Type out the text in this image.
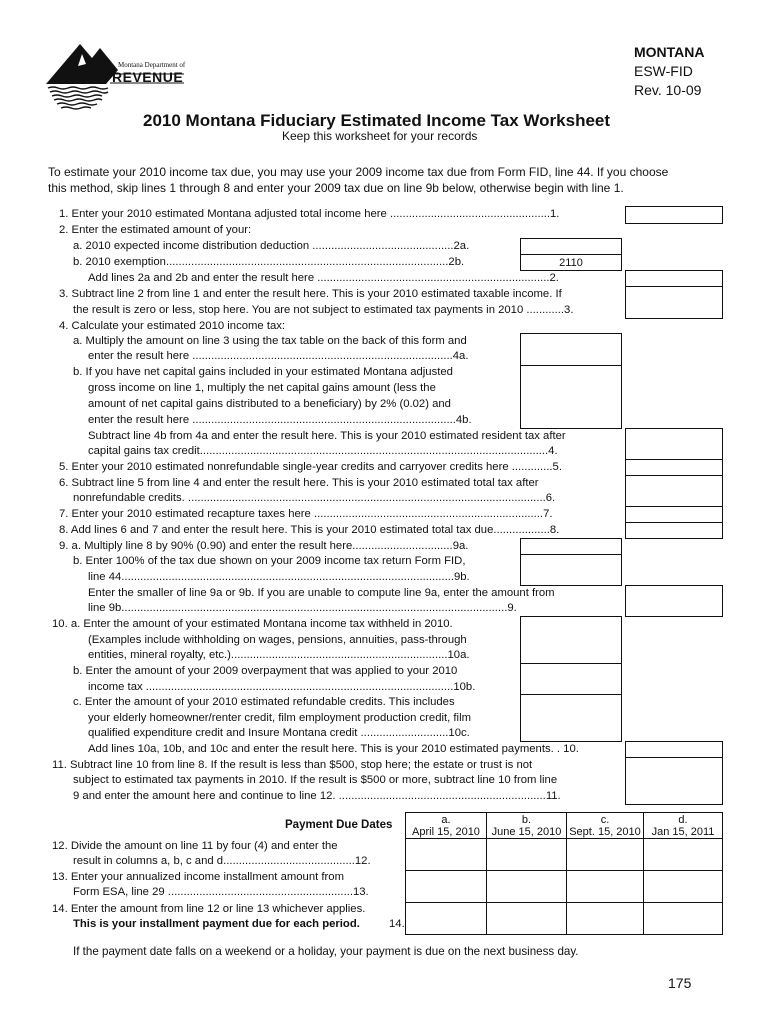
Montana Department of
REVENUE
MONTANA
ESW-FID
Rev. 10-09
2010 Montana Fiduciary Estimated Income Tax Worksheet
Keep this worksheet for your records
To estimate your 2010 income tax due, you may use your 2009 income tax due from Form FID, line 44. If you choose
this method, skip lines 1 through 8 and enter your 2009 tax due on line 9b below, otherwise begin with line 1.
1. Enter your 2010 estimated Montana adjusted total income here ...................................................1.
2. Enter the estimated amount of your:
a. 2010 expected income distribution deduction .............................................2a.
b. 2010 exemption..........................................................................................2b.
Add lines 2a and 2b and enter the result here ..........................................................................2.
3. Subtract line 2 from line 1 and enter the result here. This is your 2010 estimated taxable income. If
the result is zero or less, stop here. You are not subject to estimated tax payments in 2010 ............3.
4. Calculate your estimated 2010 income tax:
a. Multiply the amount on line 3 using the tax table on the back of this form and
enter the result here ...................................................................................4a.
b. If you have net capital gains included in your estimated Montana adjusted
gross income on line 1, multiply the net capital gains amount (less the
amount of net capital gains distributed to a beneficiary) by 2% (0.02) and
enter the result here ....................................................................................4b.
Subtract line 4b from 4a and enter the result here. This is your 2010 estimated resident tax after
capital gains tax credit...............................................................................................................4.
5. Enter your 2010 estimated nonrefundable single-year credits and carryover credits here .............5.
6. Subtract line 5 from line 4 and enter the result here. This is your 2010 estimated total tax after
nonrefundable credits. ..................................................................................................................6.
7. Enter your 2010 estimated recapture taxes here .........................................................................7.
8. Add lines 6 and 7 and enter the result here. This is your 2010 estimated total tax due..................8.
9. a. Multiply line 8 by 90% (0.90) and enter the result here................................9a.
b. Enter 100% of the tax due shown on your 2009 income tax return Form FID,
line 44..........................................................................................................9b.
Enter the smaller of line 9a or 9b. If you are unable to compute line 9a, enter the amount from
line 9b...........................................................................................................................9.
10. a. Enter the amount of your estimated Montana income tax withheld in 2010.
(Examples include withholding on wages, pensions, annuities, pass-through
entities, mineral royalty, etc.).....................................................................10a.
b. Enter the amount of your 2009 overpayment that was applied to your 2010
income tax ..................................................................................................10b.
c. Enter the amount of your 2010 estimated refundable credits. This includes
your elderly homeowner/renter credit, film employment production credit, film
qualified expenditure credit and Insure Montana credit ............................10c.
Add lines 10a, 10b, and 10c and enter the result here. This is your 2010 estimated payments. . 10.
11. Subtract line 10 from line 8. If the result is less than $500, stop here; the estate or trust is not
subject to estimated tax payments in 2010. If the result is $500 or more, subtract line 10 from line
9 and enter the amount here and continue to line 12. ..................................................................11.
2110
Payment Due Dates	a.
April 15, 2010
b.
June 15, 2010
c.
Sept. 15, 2010
d.
Jan 15, 2011
12. Divide the amount on line 11 by four (4) and enter the
result in columns a, b, c and d..........................................12.
13. Enter your annualized income installment amount from
Form ESA, line 29 ...........................................................13.
14. Enter the amount from line 12 or line 13 whichever applies.
This is your installment payment due for each period.	14.
If the payment date falls on a weekend or a holiday, your payment is due on the next business day.
175
